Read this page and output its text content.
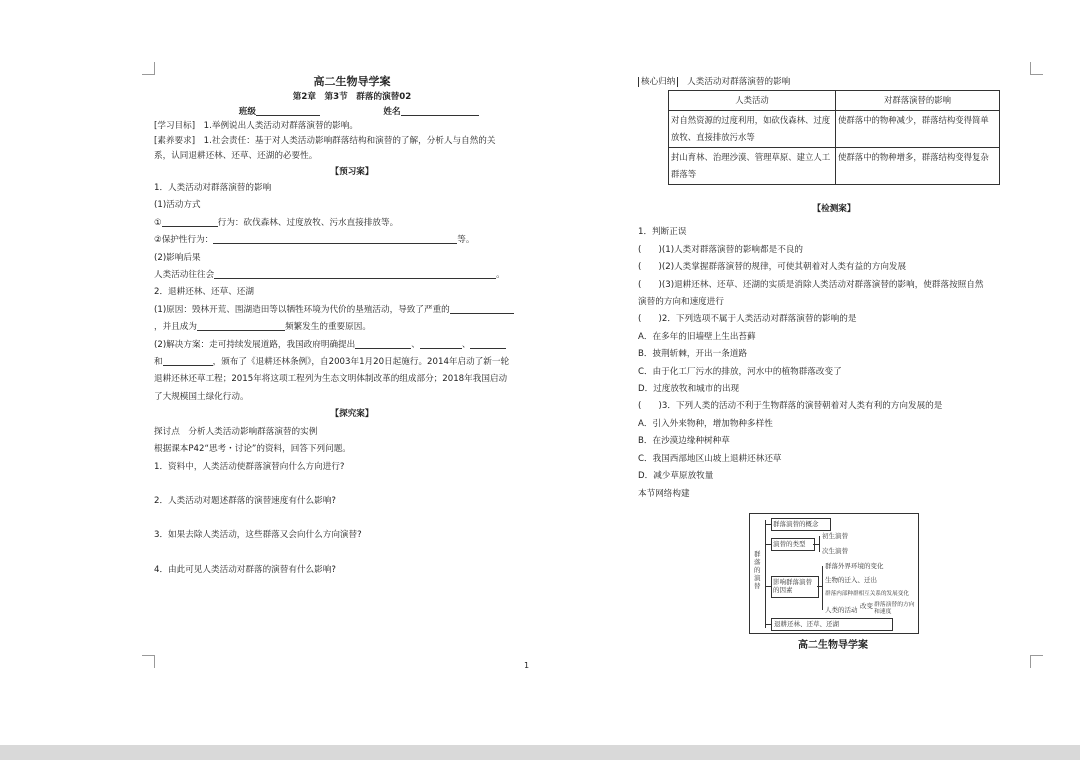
高二生物导学案
第2章　第3节　群落的演替02
班级	姓名
[学习目标]　1.举例说出人类活动对群落演替的影响。
[素养要求]　1.社会责任：基于对人类活动影响群落结构和演替的了解，分析人与自然的关
系，认同退耕还林、还草、还湖的必要性。
【预习案】
1．人类活动对群落演替的影响
(1)活动方式
①	行为：砍伐森林、过度放牧、污水直接排放等。
②保护性行为：	等。
(2)影响后果
人类活动往往会	。
2．退耕还林、还草、还湖
(1)原因：毁林开荒、围湖造田等以牺牲环境为代价的垦殖活动，导致了严重的
，并且成为	频繁发生的重要原因。
(2)解决方案：走可持续发展道路，我国政府明确提出	、	、
和	，颁布了《退耕还林条例》，自2003年1月20日起施行。2014年启动了新一轮
退耕还林还草工程；2015年将这项工程列为生态文明体制改革的组成部分；2018年我国启动
了大规模国土绿化行动。
【探究案】
探讨点　分析人类活动影响群落演替的实例
根据课本P42“思考・讨论”的资料，回答下列问题。
1．资料中，人类活动使群落演替向什么方向进行?
2．人类活动对题述群落的演替速度有什么影响?
3．如果去除人类活动，这些群落又会向什么方向演替?
4．由此可见人类活动对群落的演替有什么影响?
核心归纳 人类活动对群落演替的影响
人类活动	对群落演替的影响
对自然资源的过度利用，如砍伐森林、过度放牧、直接排放污水等	使群落中的物种减少，群落结构变得简单
封山育林、治理沙漠、管理草原、建立人工群落等	使群落中的物种增多，群落结构变得复杂
【检测案】
1．判断正误
(　　)(1)人类对群落演替的影响都是不良的
(　　)(2)人类掌握群落演替的规律，可使其朝着对人类有益的方向发展
(　　)(3)退耕还林、还草、还湖的实质是消除人类活动对群落演替的影响，使群落按照自然
演替的方向和速度进行
(　　)2．下列选项不属于人类活动对群落演替的影响的是
A．在多年的旧墙壁上生出苔藓
B．披荆斩棘，开出一条道路
C．由于化工厂污水的排放，河水中的植物群落改变了
D．过度放牧和城市的出现
(　　)3．下列人类的活动不利于生物群落的演替朝着对人类有利的方向发展的是
A．引入外来物种，增加物种多样性
B．在沙漠边缘种树种草
C．我国西部地区山坡上退耕还林还草
D．减少草原放牧量
本节网络构建
群落的演替
群落演替的概念
演替的类型
初生演替
次生演替
影响群落演替的因素
群落外界环境的变化
生物的迁入、迁出
群落内部种群相互关系的发展变化
人类的活动 改变 群落演替的方向和速度
退耕还林、还草、还湖
高二生物导学案
1
